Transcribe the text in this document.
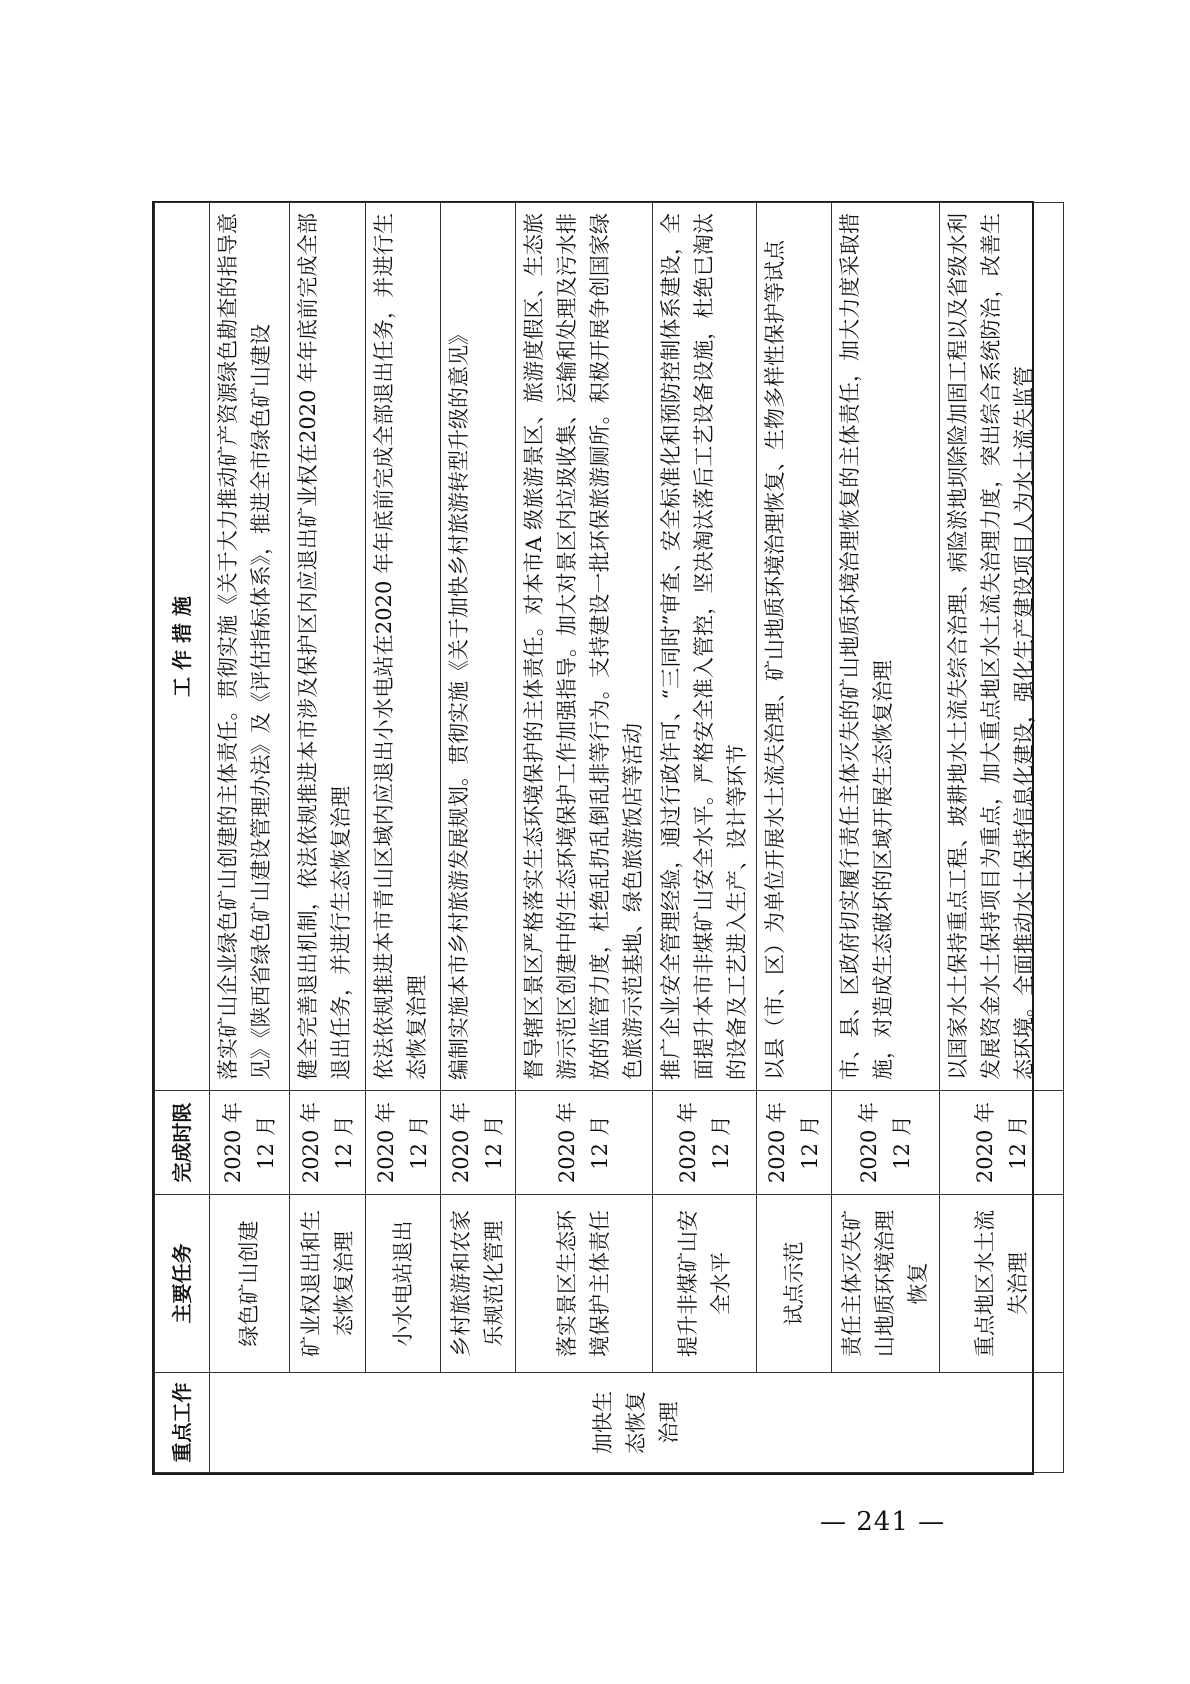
重点工作	主要任务	完成时限	工 作 措 施
加快生态恢复治理	绿色矿山创建	2020 年12 月	落实矿山企业绿色矿山创建的主体责任。贯彻实施《关于大力推动矿产资源绿色勘查的指导意见》《陕西省绿色矿山建设管理办法》及《评估指标体系》，推进全市绿色矿山建设
	矿业权退出和生态恢复治理	2020 年12 月	健全完善退出机制，依法依规推进本市涉及保护区内应退出矿业权在2020 年年底前完成全部退出任务，并进行生态恢复治理
	小水电站退出	2020 年12 月	依法依规推进本市青山区域内应退出小水电站在2020 年年底前完成全部退出任务，并进行生态恢复治理
	乡村旅游和农家乐规范化管理	2020 年12 月	编制实施本市乡村旅游发展规划。贯彻实施《关于加快乡村旅游转型升级的意见》
	落实景区生态环境保护主体责任	2020 年12 月	督导辖区景区严格落实生态环境保护的主体责任。对本市A 级旅游景区、旅游度假区、生态旅游示范区创建中的生态环境保护工作加强指导。加大对景区内垃圾收集、运输和处理及污水排放的监管力度，杜绝乱扔乱倒乱排等行为。支持建设一批环保旅游厕所。积极开展争创国家绿色旅游示范基地、绿色旅游饭店等活动
	提升非煤矿山安全水平	2020 年12 月	推广企业安全管理经验，通过行政许可、“三同时”审查、安全标准化和预防控制体系建设，全面提升本市非煤矿山安全水平。严格安全准入管控，坚决淘汰落后工艺设备设施，杜绝已淘汰的设备及工艺进入生产、设计等环节
	试点示范	2020 年12 月	以县（市、区）为单位开展水土流失治理、矿山地质环境治理恢复、生物多样性保护等试点
	责任主体灭失矿山地质环境治理恢复	2020 年12 月	市、县、区政府切实履行责任主体灭失的矿山地质环境治理恢复的主体责任，加大力度采取措施，对造成生态破坏的区域开展生态恢复治理
	重点地区水土流失治理	2020 年12 月	以国家水土保持重点工程、坡耕地水土流失综合治理、病险淤地坝除险加固工程以及省级水利发展资金水土保持项目为重点，加大重点地区水土流失治理力度，突出综合系统防治，改善生态环境。全面推动水土保持信息化建设，强化生产建设项目人为水土流失监管
— 241 —
